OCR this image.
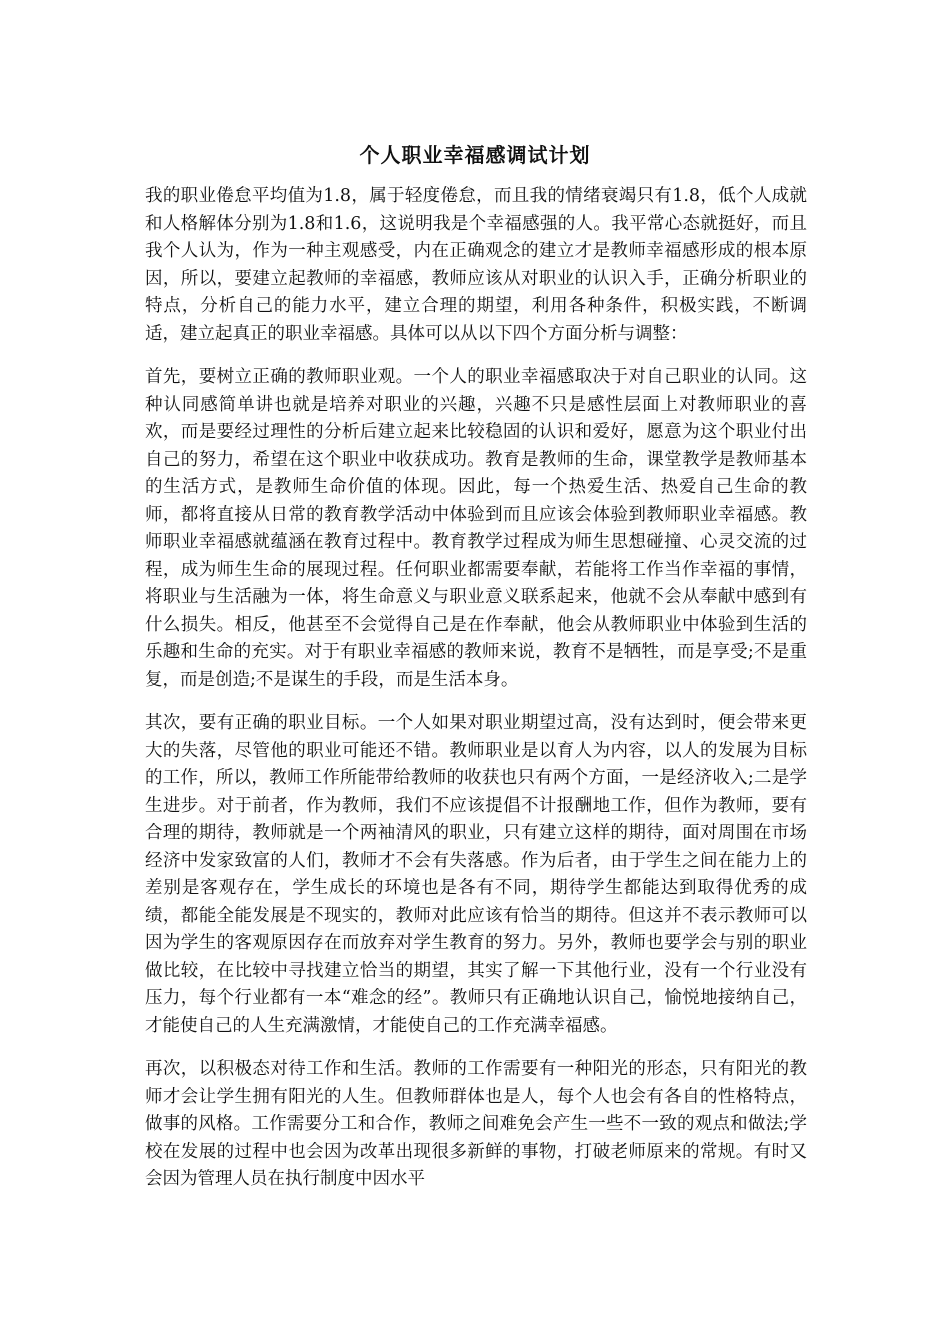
个人职业幸福感调试计划

我的职业倦怠平均值为1.8，属于轻度倦怠，而且我的情绪衰竭只有1.8，低个人成就和人格解体分别为1.8和1.6，这说明我是个幸福感强的人。我平常心态就挺好，而且我个人认为，作为一种主观感受，内在正确观念的建立才是教师幸福感形成的根本原因，所以，要建立起教师的幸福感，教师应该从对职业的认识入手，正确分析职业的特点，分析自己的能力水平，建立合理的期望，利用各种条件，积极实践，不断调适，建立起真正的职业幸福感。具体可以从以下四个方面分析与调整：

首先，要树立正确的教师职业观。一个人的职业幸福感取决于对自己职业的认同。这种认同感简单讲也就是培养对职业的兴趣，兴趣不只是感性层面上对教师职业的喜欢，而是要经过理性的分析后建立起来比较稳固的认识和爱好，愿意为这个职业付出自己的努力，希望在这个职业中收获成功。教育是教师的生命，课堂教学是教师基本的生活方式，是教师生命价值的体现。因此，每一个热爱生活、热爱自己生命的教师，都将直接从日常的教育教学活动中体验到而且应该会体验到教师职业幸福感。教师职业幸福感就蕴涵在教育过程中。教育教学过程成为师生思想碰撞、心灵交流的过程，成为师生生命的展现过程。任何职业都需要奉献，若能将工作当作幸福的事情，将职业与生活融为一体，将生命意义与职业意义联系起来，他就不会从奉献中感到有什么损失。相反，他甚至不会觉得自己是在作奉献，他会从教师职业中体验到生活的乐趣和生命的充实。对于有职业幸福感的教师来说，教育不是牺牲，而是享受;不是重复，而是创造;不是谋生的手段，而是生活本身。

其次，要有正确的职业目标。一个人如果对职业期望过高，没有达到时，便会带来更大的失落，尽管他的职业可能还不错。教师职业是以育人为内容，以人的发展为目标的工作，所以，教师工作所能带给教师的收获也只有两个方面，一是经济收入;二是学生进步。对于前者，作为教师，我们不应该提倡不计报酬地工作，但作为教师，要有合理的期待，教师就是一个两袖清风的职业，只有建立这样的期待，面对周围在市场经济中发家致富的人们，教师才不会有失落感。作为后者，由于学生之间在能力上的差别是客观存在，学生成长的环境也是各有不同，期待学生都能达到取得优秀的成绩，都能全能发展是不现实的，教师对此应该有恰当的期待。但这并不表示教师可以因为学生的客观原因存在而放弃对学生教育的努力。另外，教师也要学会与别的职业做比较，在比较中寻找建立恰当的期望，其实了解一下其他行业，没有一个行业没有压力，每个行业都有一本“难念的经”。教师只有正确地认识自己，愉悦地接纳自己，才能使自己的人生充满激情，才能使自己的工作充满幸福感。

再次，以积极态对待工作和生活。教师的工作需要有一种阳光的形态，只有阳光的教师才会让学生拥有阳光的人生。但教师群体也是人，每个人也会有各自的性格特点，做事的风格。工作需要分工和合作，教师之间难免会产生一些不一致的观点和做法;学校在发展的过程中也会因为改革出现很多新鲜的事物，打破老师原来的常规。有时又会因为管理人员在执行制度中因水平
